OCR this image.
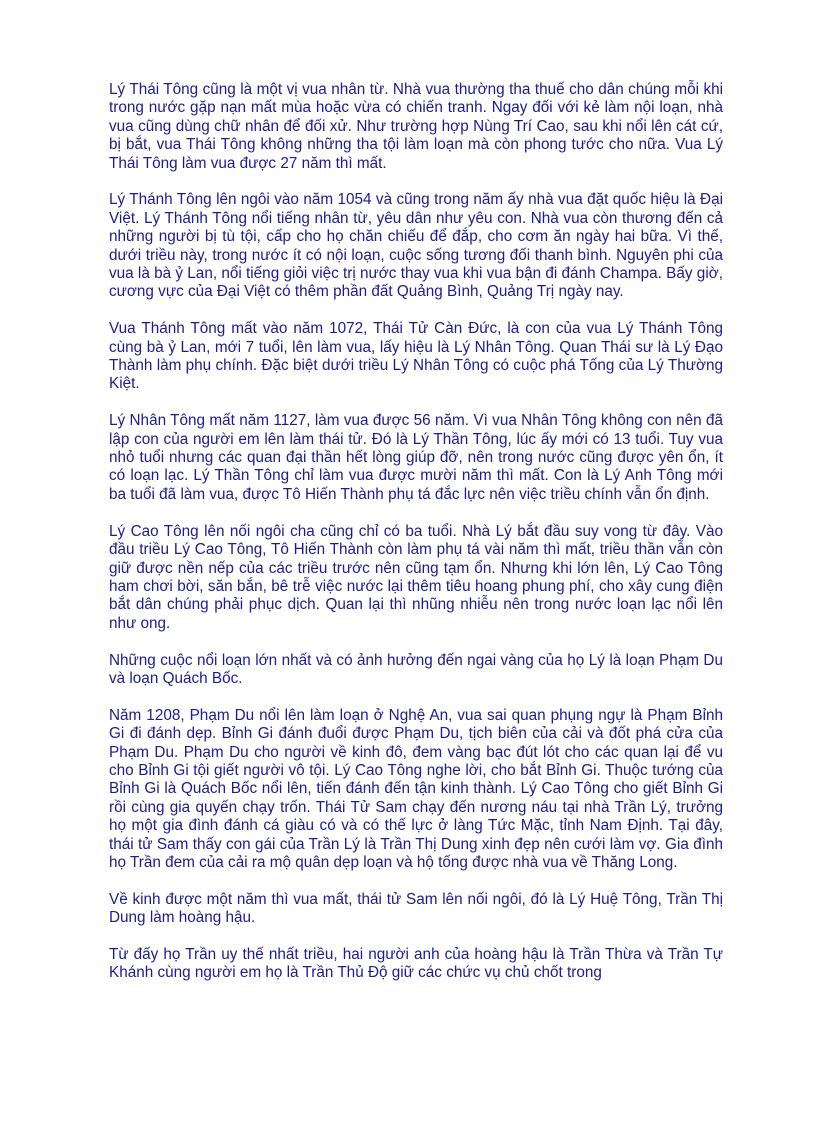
Lý Thái Tông cũng là một vị vua nhân từ. Nhà vua thường tha thuế cho dân chúng mỗi khi trong nước gặp nạn mất mùa hoặc vừa có chiến tranh. Ngay đối với kẻ làm nội loạn, nhà vua cũng dùng chữ nhân để đối xử. Như trường hợp Nùng Trí Cao, sau khi nổi lên cát cứ, bị bắt, vua Thái Tông không những tha tội làm loạn mà còn phong tước cho nữa. Vua Lý Thái Tông làm vua được 27 năm thì mất.

Lý Thánh Tông lên ngôi vào năm 1054 và cũng trong năm ấy nhà vua đặt quốc hiệu là Đại Việt. Lý Thánh Tông nổi tiếng nhân từ, yêu dân như yêu con. Nhà vua còn thương đến cả những người bị tù tội, cấp cho họ chăn chiếu để đắp, cho cơm ăn ngày hai bữa. Vì thế, dưới triều này, trong nước ít có nội loạn, cuộc sống tương đối thanh bình. Nguyên phi của vua là bà ỷ Lan, nổi tiếng giỏi việc trị nước thay vua khi vua bận đi đánh Champa. Bấy giờ, cương vực của Đại Việt có thêm phần đất Quảng Bình, Quảng Trị ngày nay.

Vua Thánh Tông mất vào năm 1072, Thái Tử Càn Đức, là con của vua Lý Thánh Tông cùng bà ỷ Lan, mới 7 tuổi, lên làm vua, lấy hiệu là Lý Nhân Tông. Quan Thái sư là Lý Đạo Thành làm phụ chính. Đặc biệt dưới triều Lý Nhân Tông có cuộc phá Tống của Lý Thường Kiệt.

Lý Nhân Tông mất năm 1127, làm vua được 56 năm. Vì vua Nhân Tông không con nên đã lập con của người em lên làm thái tử. Đó là Lý Thần Tông, lúc ấy mới có 13 tuổi. Tuy vua nhỏ tuổi nhưng các quan đại thần hết lòng giúp đỡ, nên trong nước cũng được yên ổn, ít có loạn lạc. Lý Thần Tông chỉ làm vua được mười năm thì mất. Con là Lý Anh Tông mới ba tuổi đã làm vua, được Tô Hiến Thành phụ tá đắc lực nên việc triều chính vẫn ổn định.

Lý Cao Tông lên nối ngôi cha cũng chỉ có ba tuổi. Nhà Lý bắt đầu suy vong từ đây. Vào đầu triều Lý Cao Tông, Tô Hiến Thành còn làm phụ tá vài năm thì mất, triều thần vẫn còn giữ được nền nếp của các triều trước nên cũng tạm ổn. Nhưng khi lớn lên, Lý Cao Tông ham chơi bời, săn bắn, bê trễ việc nước lại thêm tiêu hoang phung phí, cho xây cung điện bắt dân chúng phải phục dịch. Quan lại thì nhũng nhiễu nên trong nước loạn lạc nổi lên như ong.

Những cuộc nổi loạn lớn nhất và có ảnh hưởng đến ngai vàng của họ Lý là loạn Phạm Du và loạn Quách Bốc.

Năm 1208, Phạm Du nổi lên làm loạn ở Nghệ An, vua sai quan phụng ngự là Phạm Bỉnh Gi đi đánh dẹp. Bỉnh Gi đánh đuổi được Phạm Du, tịch biên của cải và đốt phá cửa của Phạm Du. Phạm Du cho người về kinh đô, đem vàng bạc đút lót cho các quan lại để vu cho Bỉnh Gi tội giết người vô tội. Lý Cao Tông nghe lời, cho bắt Bỉnh Gi. Thuộc tướng của Bỉnh Gi là Quách Bốc nổi lên, tiến đánh đến tận kinh thành. Lý Cao Tông cho giết Bỉnh Gi rồi cùng gia quyến chạy trốn. Thái Tử Sam chạy đến nương náu tại nhà Trần Lý, trưởng họ một gia đình đánh cá giàu có và có thế lực ở làng Tức Mặc, tỉnh Nam Định. Tại đây, thái tử Sam thấy con gái của Trần Lý là Trần Thị Dung xinh đẹp nên cưới làm vợ. Gia đình họ Trần đem của cải ra mộ quân dẹp loạn và hộ tống được nhà vua về Thăng Long.

Về kinh được một năm thì vua mất, thái tử Sam lên nối ngôi, đó là Lý Huệ Tông, Trần Thị Dung làm hoàng hậu.

Từ đấy họ Trần uy thế nhất triều, hai người anh của hoàng hậu là Trần Thừa và Trần Tự Khánh cùng người em họ là Trần Thủ Độ giữ các chức vụ chủ chốt trong
